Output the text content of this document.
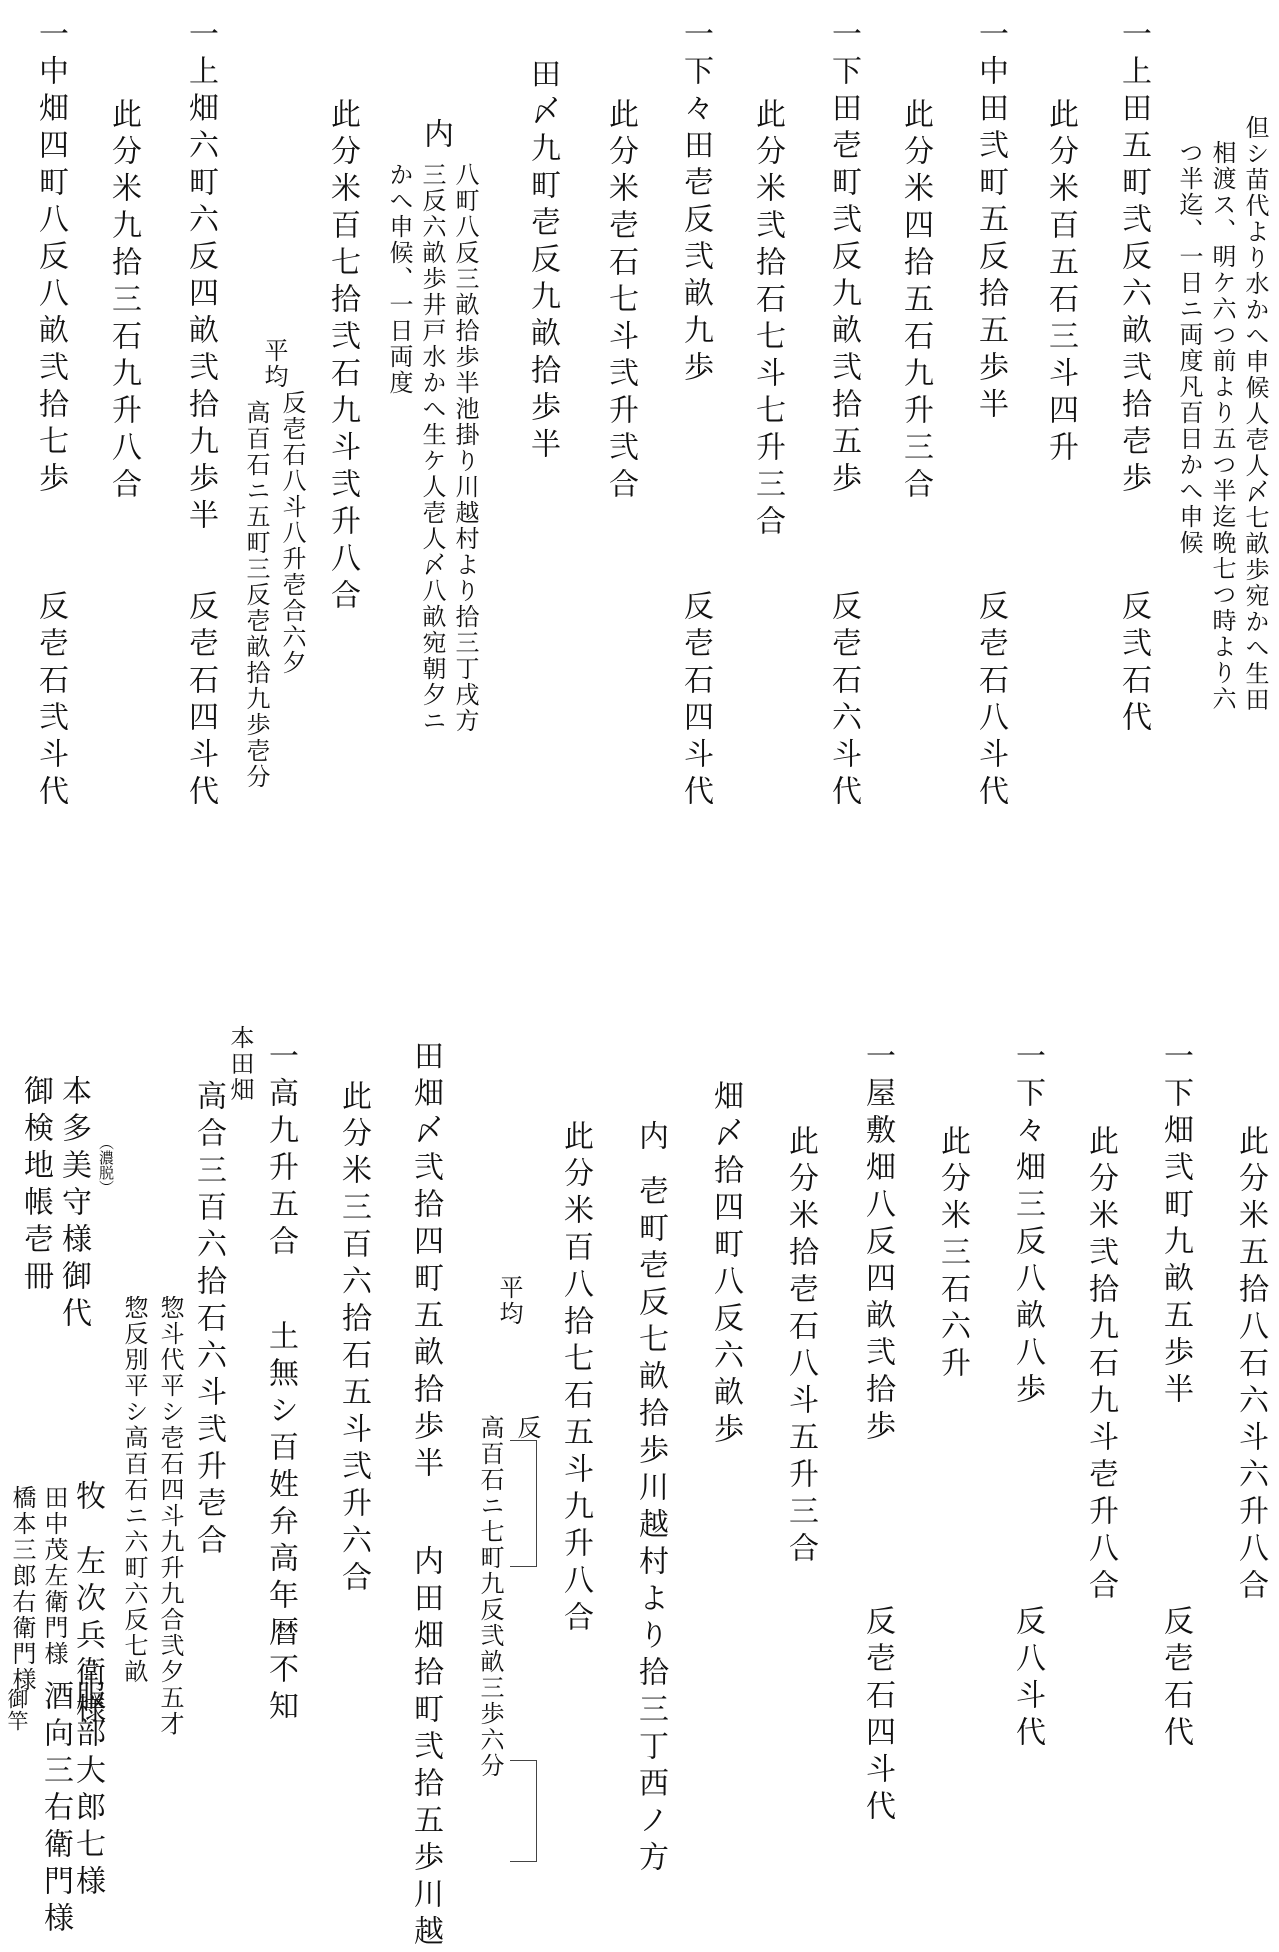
但シ苗代より水かへ申候人壱人〆七畝歩宛かへ生田
相渡ス、明ケ六つ前より五つ半迄晩七つ時より六
つ半迄、一日ニ両度凡百日かへ申候
一上田五町弐反六畝弐拾壱歩
反弐石代
此分米百五石三斗四升
一中田弐町五反拾五歩半
反壱石八斗代
此分米四拾五石九升三合
一下田壱町弐反九畝弐拾五歩
反壱石六斗代
此分米弐拾石七斗七升三合
一下々田壱反弐畝九歩
反壱石四斗代
此分米壱石七斗弐升弐合
田〆九町壱反九畝拾歩半
内
八町八反三畝拾歩半池掛り川越村より拾三丁戌方
三反六畝歩井戸水かへ生ケ人壱人〆八畝宛朝夕ニ
かへ申候、一日両度
此分米百七拾弐石九斗弐升八合
平均
反壱石八斗八升壱合六夕
高百石ニ五町三反壱畝拾九歩壱分
一上畑六町六反四畝弐拾九歩半
反壱石四斗代
此分米九拾三石九升八合
一中畑四町八反八畝弐拾七歩
反壱石弐斗代
此分米五拾八石六斗六升八合
一下畑弐町九畝五歩半
反壱石代
此分米弐拾九石九斗壱升八合
一下々畑三反八畝八歩
反八斗代
此分米三石六升
一屋敷畑八反四畝弐拾歩
反壱石四斗代
此分米拾壱石八斗五升三合
畑〆拾四町八反六畝歩
内
壱町壱反七畝拾歩川越村より拾三丁西ノ方
此分米百八拾七石五斗九升八合
平均
反
高百石ニ七町九反弐畝三歩六分
田畑〆弐拾四町五畝拾歩半
内田畑拾町弐拾五歩川越
此分米三百六拾石五斗弐升六合
一高九升五合
土無シ百姓弁高年暦不知
本田畑
高合三百六拾石六斗弐升壱合
惣斗代平シ壱石四斗九升九合弐夕五才
惣反別平シ高百石ニ六町六反七畝
本多美守様御代 （濃脱）
御検地帳壱冊
牧
左次兵衛様
田中茂左衛門様
橋本三郎右衛門様
服部大郎七様
酒向三右衛門様
御竿
